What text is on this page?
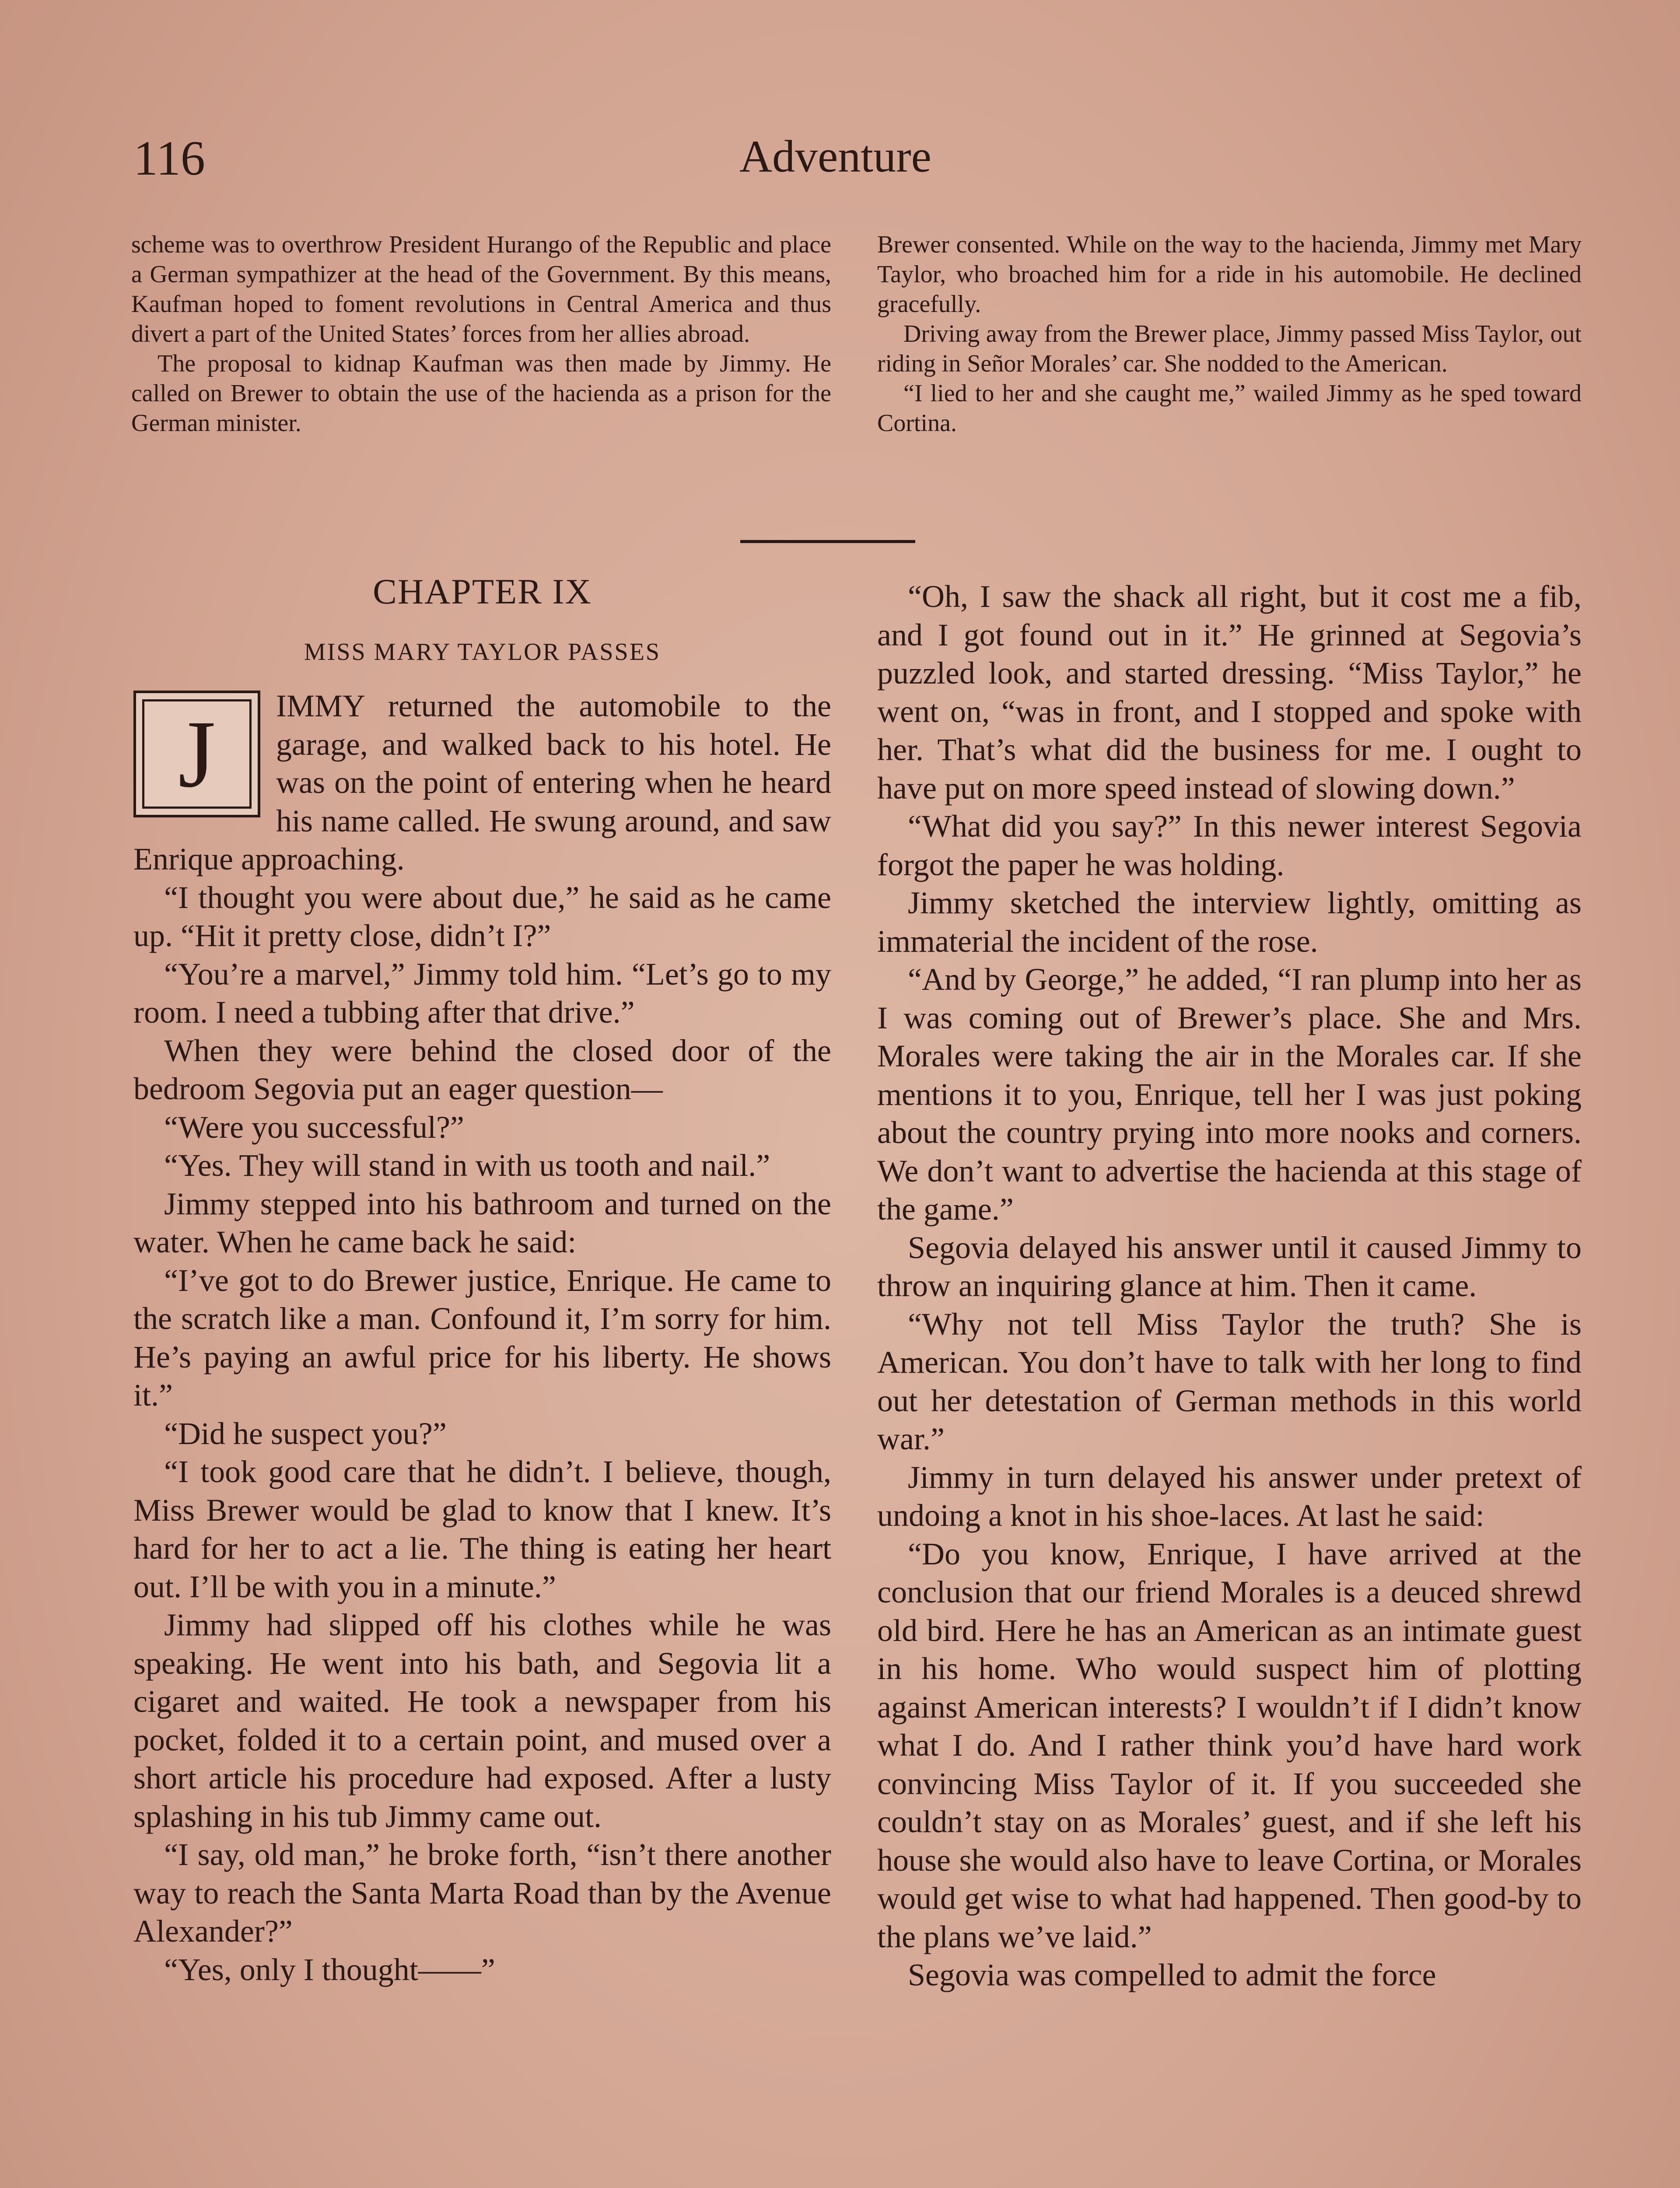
116	Adventure

scheme was to overthrow President Hurango of the Republic and place a German sympathizer at the head of the Government. By this means, Kaufman hoped to foment revolutions in Central America and thus divert a part of the United States’ forces from her allies abroad.

The proposal to kidnap Kaufman was then made by Jimmy. He called on Brewer to obtain the use of the hacienda as a prison for the German minister.

Brewer consented. While on the way to the hacienda, Jimmy met Mary Taylor, who broached him for a ride in his automobile. He declined gracefully.

Driving away from the Brewer place, Jimmy passed Miss Taylor, out riding in Señor Morales’ car. She nodded to the American.

“I lied to her and she caught me,” wailed Jimmy as he sped toward Cortina.

CHAPTER IX
MISS MARY TAYLOR PASSES
J	IMMY returned the automobile to the garage, and walked back to his hotel. He was on the point of entering when he heard his name called. He swung around, and saw Enrique approaching.

“I thought you were about due,” he said as he came up. “Hit it pretty close, didn’t I?”

“You’re a marvel,” Jimmy told him. “Let’s go to my room. I need a tubbing after that drive.”

When they were behind the closed door of the bedroom Segovia put an eager question—

“Were you successful?”

“Yes. They will stand in with us tooth and nail.”

Jimmy stepped into his bathroom and turned on the water. When he came back he said:

“I’ve got to do Brewer justice, Enrique. He came to the scratch like a man. Confound it, I’m sorry for him. He’s paying an awful price for his liberty. He shows it.”

“Did he suspect you?”

“I took good care that he didn’t. I believe, though, Miss Brewer would be glad to know that I knew. It’s hard for her to act a lie. The thing is eating her heart out. I’ll be with you in a minute.”

Jimmy had slipped off his clothes while he was speaking. He went into his bath, and Segovia lit a cigaret and waited. He took a newspaper from his pocket, folded it to a certain point, and mused over a short article his procedure had exposed. After a lusty splashing in his tub Jimmy came out.

“I say, old man,” he broke forth, “isn’t there another way to reach the Santa Marta Road than by the Avenue Alexander?”

“Yes, only I thought——”

“Oh, I saw the shack all right, but it cost me a fib, and I got found out in it.” He grinned at Segovia’s puzzled look, and started dressing. “Miss Taylor,” he went on, “was in front, and I stopped and spoke with her. That’s what did the business for me. I ought to have put on more speed instead of slowing down.”

“What did you say?” In this newer interest Segovia forgot the paper he was holding.

Jimmy sketched the interview lightly, omitting as immaterial the incident of the rose.

“And by George,” he added, “I ran plump into her as I was coming out of Brewer’s place. She and Mrs. Morales were taking the air in the Morales car. If she mentions it to you, Enrique, tell her I was just poking about the country prying into more nooks and corners. We don’t want to advertise the hacienda at this stage of the game.”

Segovia delayed his answer until it caused Jimmy to throw an inquiring glance at him. Then it came.

“Why not tell Miss Taylor the truth? She is American. You don’t have to talk with her long to find out her detestation of German methods in this world war.”

Jimmy in turn delayed his answer under pretext of undoing a knot in his shoe-laces. At last he said:

“Do you know, Enrique, I have arrived at the conclusion that our friend Morales is a deuced shrewd old bird. Here he has an American as an intimate guest in his home. Who would suspect him of plotting against American interests? I wouldn’t if I didn’t know what I do. And I rather think you’d have hard work convincing Miss Taylor of it. If you succeeded she couldn’t stay on as Morales’ guest, and if she left his house she would also have to leave Cortina, or Morales would get wise to what had happened. Then good-by to the plans we’ve laid.”

Segovia was compelled to admit the force
